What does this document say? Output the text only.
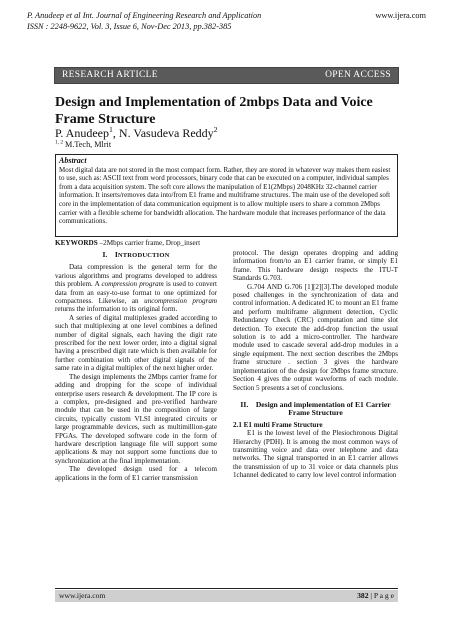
P. Anudeep et al Int. Journal of Engineering Research and Application
ISSN : 2248-9622, Vol. 3, Issue 6, Nov-Dec 2013, pp.382-385
www.ijera.com
RESEARCH ARTICLE	OPEN ACCESS
Design and Implementation of 2mbps Data and Voice Frame Structure
P. Anudeep$^1$, N. Vasudeva Reddy$^2$
$^{1, 2}$ M.Tech, Mlrit
Abstract
Most digital data are not stored in the most compact form. Rather, they are stored in whatever way makes them easiest to use, such as: ASCII text from word processors, binary code that can be executed on a computer, individual samples from a data acquisition system. The soft core allows the manipulation of E1(2Mbps) 2048KHz 32-channel carrier information. It inserts/removes data into/from E1 frame and multiframe structures. The main use of the developed soft core in the implementation of data communication equipment is to allow multiple users to share a common 2Mbps carrier with a flexible scheme for bandwidth allocation. The hardware module that increases performance of the data communications.
KEYWORDS –2Mbps carrier frame, Drop_insert
I. INTRODUCTION

Data compression is the general term for the various algorithms and programs developed to address this problem. A compression program is used to convert data from an easy-to-use format to one optimized for compactness. Likewise, an uncompression program returns the information to its original form.

A series of digital multiplexes graded according to such that multiplexing at one level combines a defined number of digital signals, each having the digit rate prescribed for the next lower order, into a digital signal having a prescribed digit rate which is then available for further combination with other digital signals of the same rate in a digital multiplex of the next higher order.

The design implements the 2Mbps carrier frame for adding and dropping for the scope of individual enterprise users research & development. The IP core is a complex, pre-designed and pre-verified hardware module that can be used in the composition of large circuits, typically custom VLSI integrated circuits or large programmable devices, such as multimillion-gate FPGAs. The developed software code in the form of hardware description language file will support some applications & may not support some functions due to synchronization at the final implementation.

The developed design used for a telecom applications in the form of E1 carrier transmission

protocol. The design operates dropping and adding information from/to an E1 carrier frame, or simply E1 frame. This hardware design respects the ITU-T Standards G.703.

G.704 AND G.706 [1][2][3].The developed module posed challenges in the synchronization of data and control information. A dedicated IC to mount an E1 frame and perform multiframe alignment detection, Cyclic Redundancy Check (CRC) computation and time slot detection. To execute the add-drop function the usual solution is to add a micro-controller. The hardware module used to cascade several add-drop modules in a single equipment. The next section describes the 2Mbps frame structure . section 3 gives the hardware implementation of the design for 2Mbps frame structure. Section 4 gives the output waveforms of each module. Section 5 presents a set of conclusions.

II. Design and implementation of E1 Carrier Frame Structure
2.1 E1 multi Frame Structure

E1 is the lowest level of the Plesiochronous Digital Hierarchy (PDH). It is among the most common ways of transmitting voice and data over telephone and data networks. The signal transported in an E1 carrier allows the transmission of up to 31 voice or data channels plus 1channel dedicated to carry low level control information

www.ijera.com	382 | P a g e
